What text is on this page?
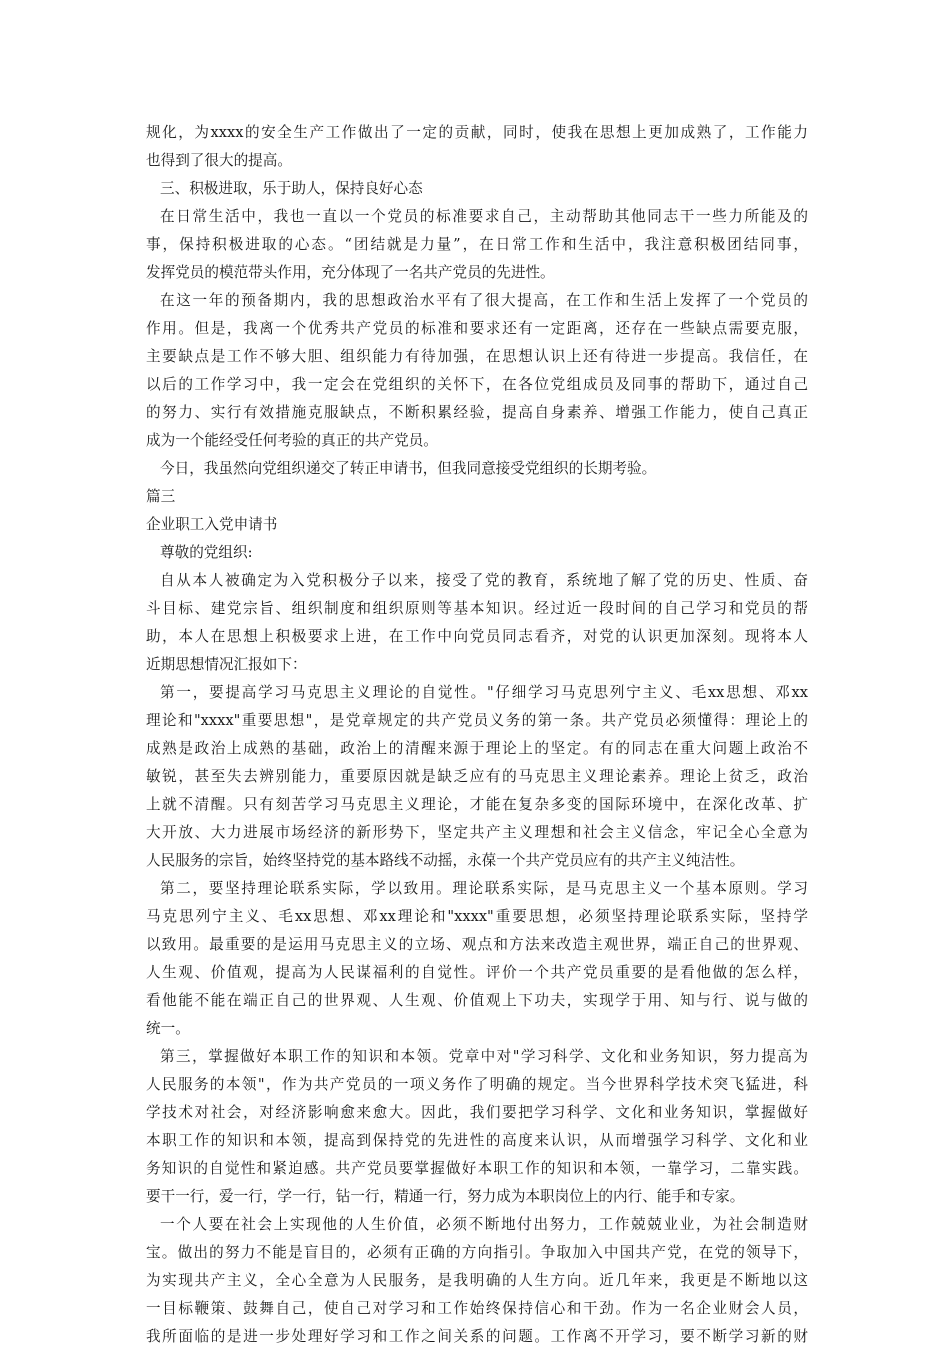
规化，为xxxx的安全生产工作做出了一定的贡献，同时，使我在思想上更加成熟了，工作能力
也得到了很大的提高。
三、积极进取，乐于助人，保持良好心态
在日常生活中，我也一直以一个党员的标准要求自己，主动帮助其他同志干一些力所能及的
事，保持积极进取的心态。“团结就是力量”，在日常工作和生活中，我注意积极团结同事，
发挥党员的模范带头作用，充分体现了一名共产党员的先进性。
在这一年的预备期内，我的思想政治水平有了很大提高，在工作和生活上发挥了一个党员的
作用。但是，我离一个优秀共产党员的标准和要求还有一定距离，还存在一些缺点需要克服，
主要缺点是工作不够大胆、组织能力有待加强，在思想认识上还有待进一步提高。我信任，在
以后的工作学习中，我一定会在党组织的关怀下，在各位党组成员及同事的帮助下，通过自己
的努力、实行有效措施克服缺点，不断积累经验，提高自身素养、增强工作能力，使自己真正
成为一个能经受任何考验的真正的共产党员。
今日，我虽然向党组织递交了转正申请书，但我同意接受党组织的长期考验。
篇三
企业职工入党申请书
尊敬的党组织:
自从本人被确定为入党积极分子以来，接受了党的教育，系统地了解了党的历史、性质、奋
斗目标、建党宗旨、组织制度和组织原则等基本知识。经过近一段时间的自己学习和党员的帮
助，本人在思想上积极要求上进，在工作中向党员同志看齐，对党的认识更加深刻。现将本人
近期思想情况汇报如下：
第一，要提高学习马克思主义理论的自觉性。"仔细学习马克思列宁主义、毛xx思想、邓xx
理论和"xxxx"重要思想"，是党章规定的共产党员义务的第一条。共产党员必须懂得：理论上的
成熟是政治上成熟的基础，政治上的清醒来源于理论上的坚定。有的同志在重大问题上政治不
敏锐，甚至失去辨别能力，重要原因就是缺乏应有的马克思主义理论素养。理论上贫乏，政治
上就不清醒。只有刻苦学习马克思主义理论，才能在复杂多变的国际环境中，在深化改革、扩
大开放、大力进展市场经济的新形势下，坚定共产主义理想和社会主义信念，牢记全心全意为
人民服务的宗旨，始终坚持党的基本路线不动摇，永葆一个共产党员应有的共产主义纯洁性。
第二，要坚持理论联系实际，学以致用。理论联系实际，是马克思主义一个基本原则。学习
马克思列宁主义、毛xx思想、邓xx理论和"xxxx"重要思想，必须坚持理论联系实际，坚持学
以致用。最重要的是运用马克思主义的立场、观点和方法来改造主观世界，端正自己的世界观、
人生观、价值观，提高为人民谋福利的自觉性。评价一个共产党员重要的是看他做的怎么样，
看他能不能在端正自己的世界观、人生观、价值观上下功夫，实现学于用、知与行、说与做的
统一。
第三，掌握做好本职工作的知识和本领。党章中对"学习科学、文化和业务知识，努力提高为
人民服务的本领"，作为共产党员的一项义务作了明确的规定。当今世界科学技术突飞猛进，科
学技术对社会，对经济影响愈来愈大。因此，我们要把学习科学、文化和业务知识，掌握做好
本职工作的知识和本领，提高到保持党的先进性的高度来认识，从而增强学习科学、文化和业
务知识的自觉性和紧迫感。共产党员要掌握做好本职工作的知识和本领，一靠学习，二靠实践。
要干一行，爱一行，学一行，钻一行，精通一行，努力成为本职岗位上的内行、能手和专家。
一个人要在社会上实现他的人生价值，必须不断地付出努力，工作兢兢业业，为社会制造财
宝。做出的努力不能是盲目的，必须有正确的方向指引。争取加入中国共产党，在党的领导下，
为实现共产主义，全心全意为人民服务，是我明确的人生方向。近几年来，我更是不断地以这
一目标鞭策、鼓舞自己，使自己对学习和工作始终保持信心和干劲。作为一名企业财会人员，
我所面临的是进一步处理好学习和工作之间关系的问题。工作离不开学习，要不断学习新的财
